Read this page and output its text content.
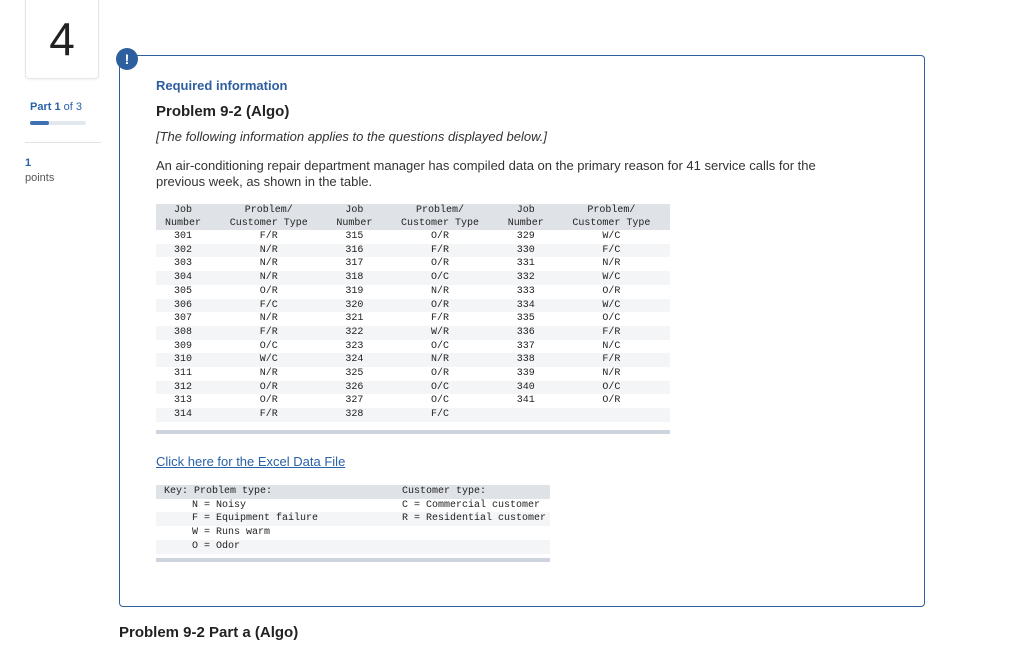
4
Part 1 of 3
1
points
!
Required information
Problem 9-2 (Algo)
[The following information applies to the questions displayed below.]
An air-conditioning repair department manager has compiled data on the primary reason for 41 service calls for the previous week, as shown in the table.
Job	Problem/	Job	Problem/	Job	Problem/
Number	Customer Type	Number	Customer Type	Number	Customer Type
301	F/R	315	O/R	329	W/C
302	N/R	316	F/R	330	F/C
303	N/R	317	O/R	331	N/R
304	N/R	318	O/C	332	W/C
305	O/R	319	N/R	333	O/R
306	F/C	320	O/R	334	W/C
307	N/R	321	F/R	335	O/C
308	F/R	322	W/R	336	F/R
309	O/C	323	O/C	337	N/C
310	W/C	324	N/R	338	F/R
311	N/R	325	O/R	339	N/R
312	O/R	326	O/C	340	O/C
313	O/R	327	O/C	341	O/R
314	F/R	328	F/C		
Click here for the Excel Data File
Key: Problem type:	Customer type:
N = Noisy	C = Commercial customer
F = Equipment failure	R = Residential customer
W = Runs warm	
O = Odor	
Problem 9-2 Part a (Algo)
